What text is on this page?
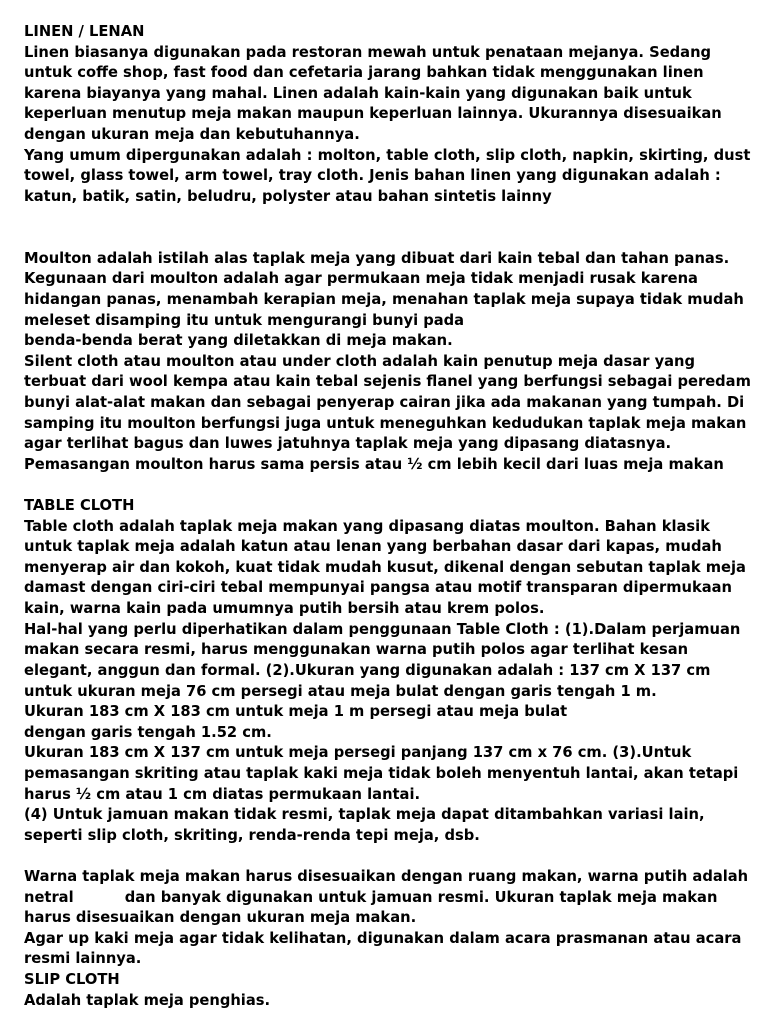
LINEN / LENAN
Linen biasanya digunakan pada restoran mewah untuk penataan mejanya. Sedang
untuk coffe shop, fast food dan cefetaria jarang bahkan tidak menggunakan linen
karena biayanya yang mahal. Linen adalah kain-kain yang digunakan baik untuk
keperluan menutup meja makan maupun keperluan lainnya. Ukurannya disesuaikan
dengan ukuran meja dan kebutuhannya.
Yang umum dipergunakan adalah : molton, table cloth, slip cloth, napkin, skirting, dust
towel, glass towel, arm towel, tray cloth. Jenis bahan linen yang digunakan adalah :
katun, batik, satin, beludru, polyster atau bahan sintetis lainny
Moulton adalah istilah alas taplak meja yang dibuat dari kain tebal dan tahan panas.
Kegunaan dari moulton adalah agar permukaan meja tidak menjadi rusak karena
hidangan panas, menambah kerapian meja, menahan taplak meja supaya tidak mudah
meleset disamping itu untuk mengurangi bunyi pada
benda-benda berat yang diletakkan di meja makan.
Silent cloth atau moulton atau under cloth adalah kain penutup meja dasar yang
terbuat dari wool kempa atau kain tebal sejenis flanel yang berfungsi sebagai peredam
bunyi alat-alat makan dan sebagai penyerap cairan jika ada makanan yang tumpah. Di
samping itu moulton berfungsi juga untuk meneguhkan kedudukan taplak meja makan
agar terlihat bagus dan luwes jatuhnya taplak meja yang dipasang diatasnya.
Pemasangan moulton harus sama persis atau ½ cm lebih kecil dari luas meja makan
TABLE CLOTH
Table cloth adalah taplak meja makan yang dipasang diatas moulton. Bahan klasik
untuk taplak meja adalah katun atau lenan yang berbahan dasar dari kapas, mudah
menyerap air dan kokoh, kuat tidak mudah kusut, dikenal dengan sebutan taplak meja
damast dengan ciri-ciri tebal mempunyai pangsa atau motif transparan dipermukaan
kain, warna kain pada umumnya putih bersih atau krem polos.
Hal-hal yang perlu diperhatikan dalam penggunaan Table Cloth : (1).Dalam perjamuan
makan secara resmi, harus menggunakan warna putih polos agar terlihat kesan
elegant, anggun dan formal. (2).Ukuran yang digunakan adalah : 137 cm X 137 cm
untuk ukuran meja 76 cm persegi atau meja bulat dengan garis tengah 1 m.
Ukuran 183 cm X 183 cm untuk meja 1 m persegi atau meja bulat
dengan garis tengah 1.52 cm.
Ukuran 183 cm X 137 cm untuk meja persegi panjang 137 cm x 76 cm. (3).Untuk
pemasangan skriting atau taplak kaki meja tidak boleh menyentuh lantai, akan tetapi
harus ½ cm atau 1 cm diatas permukaan lantai.
(4) Untuk jamuan makan tidak resmi, taplak meja dapat ditambahkan variasi lain,
seperti slip cloth, skriting, renda-renda tepi meja, dsb.
Warna taplak meja makan harus disesuaikan dengan ruang makan, warna putih adalah
netral          dan banyak digunakan untuk jamuan resmi. Ukuran taplak meja makan
harus disesuaikan dengan ukuran meja makan.
Agar up kaki meja agar tidak kelihatan, digunakan dalam acara prasmanan atau acara
resmi lainnya.
SLIP CLOTH
Adalah taplak meja penghias.
